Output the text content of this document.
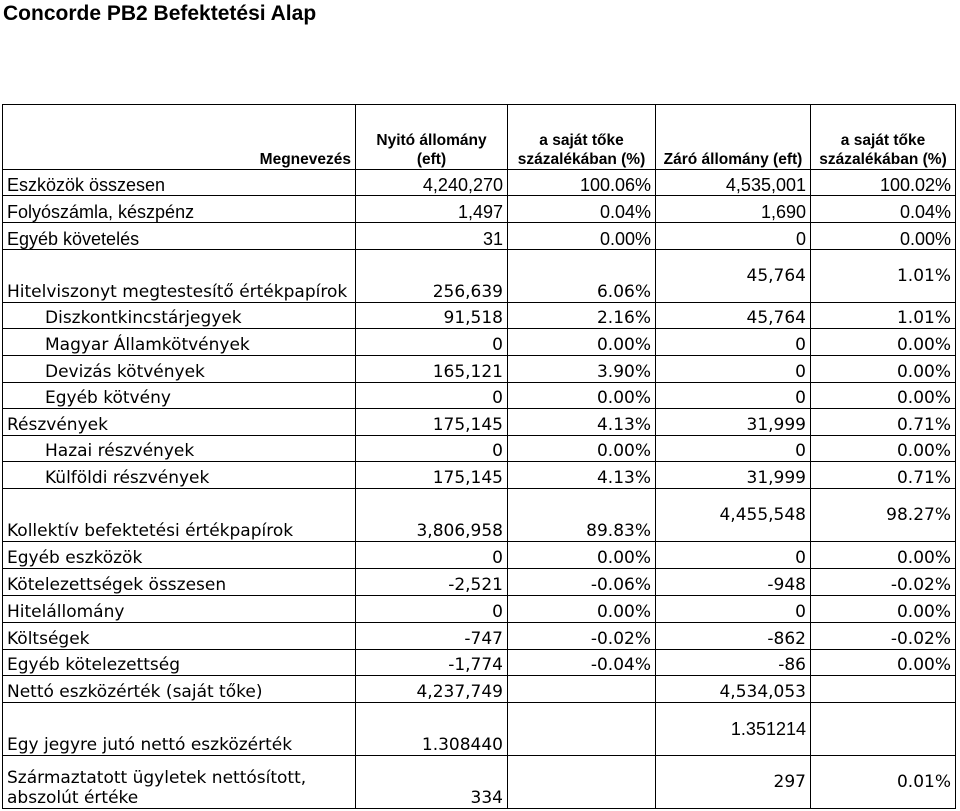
Concorde PB2 Befektetési Alap
Megnevezés	Nyitó állomány (eft)	a saját tőke százalékában (%)	Záró állomány (eft)	a saját tőke százalékában (%)
Eszközök összesen	4,240,270	100.06%	4,535,001	100.02%
Folyószámla, készpénz	1,497	0.04%	1,690	0.04%
Egyéb követelés	31	0.00%	0	0.00%
Hitelviszonyt megtestesítő értékpapírok	256,639	6.06%	45,764	1.01%
Diszkontkincstárjegyek	91,518	2.16%	45,764	1.01%
Magyar Államkötvények	0	0.00%	0	0.00%
Devizás kötvények	165,121	3.90%	0	0.00%
Egyéb kötvény	0	0.00%	0	0.00%
Részvények	175,145	4.13%	31,999	0.71%
Hazai részvények	0	0.00%	0	0.00%
Külföldi részvények	175,145	4.13%	31,999	0.71%
Kollektív befektetési értékpapírok	3,806,958	89.83%	4,455,548	98.27%
Egyéb eszközök	0	0.00%	0	0.00%
Kötelezettségek összesen	-2,521	-0.06%	-948	-0.02%
Hitelállomány	0	0.00%	0	0.00%
Költségek	-747	-0.02%	-862	-0.02%
Egyéb kötelezettség	-1,774	-0.04%	-86	0.00%
Nettó eszközérték (saját tőke)	4,237,749		4,534,053	
Egy jegyre jutó nettó eszközérték	1.308440		1.351214	
Származtatott ügyletek nettósított, abszolút értéke	334		297	0.01%
